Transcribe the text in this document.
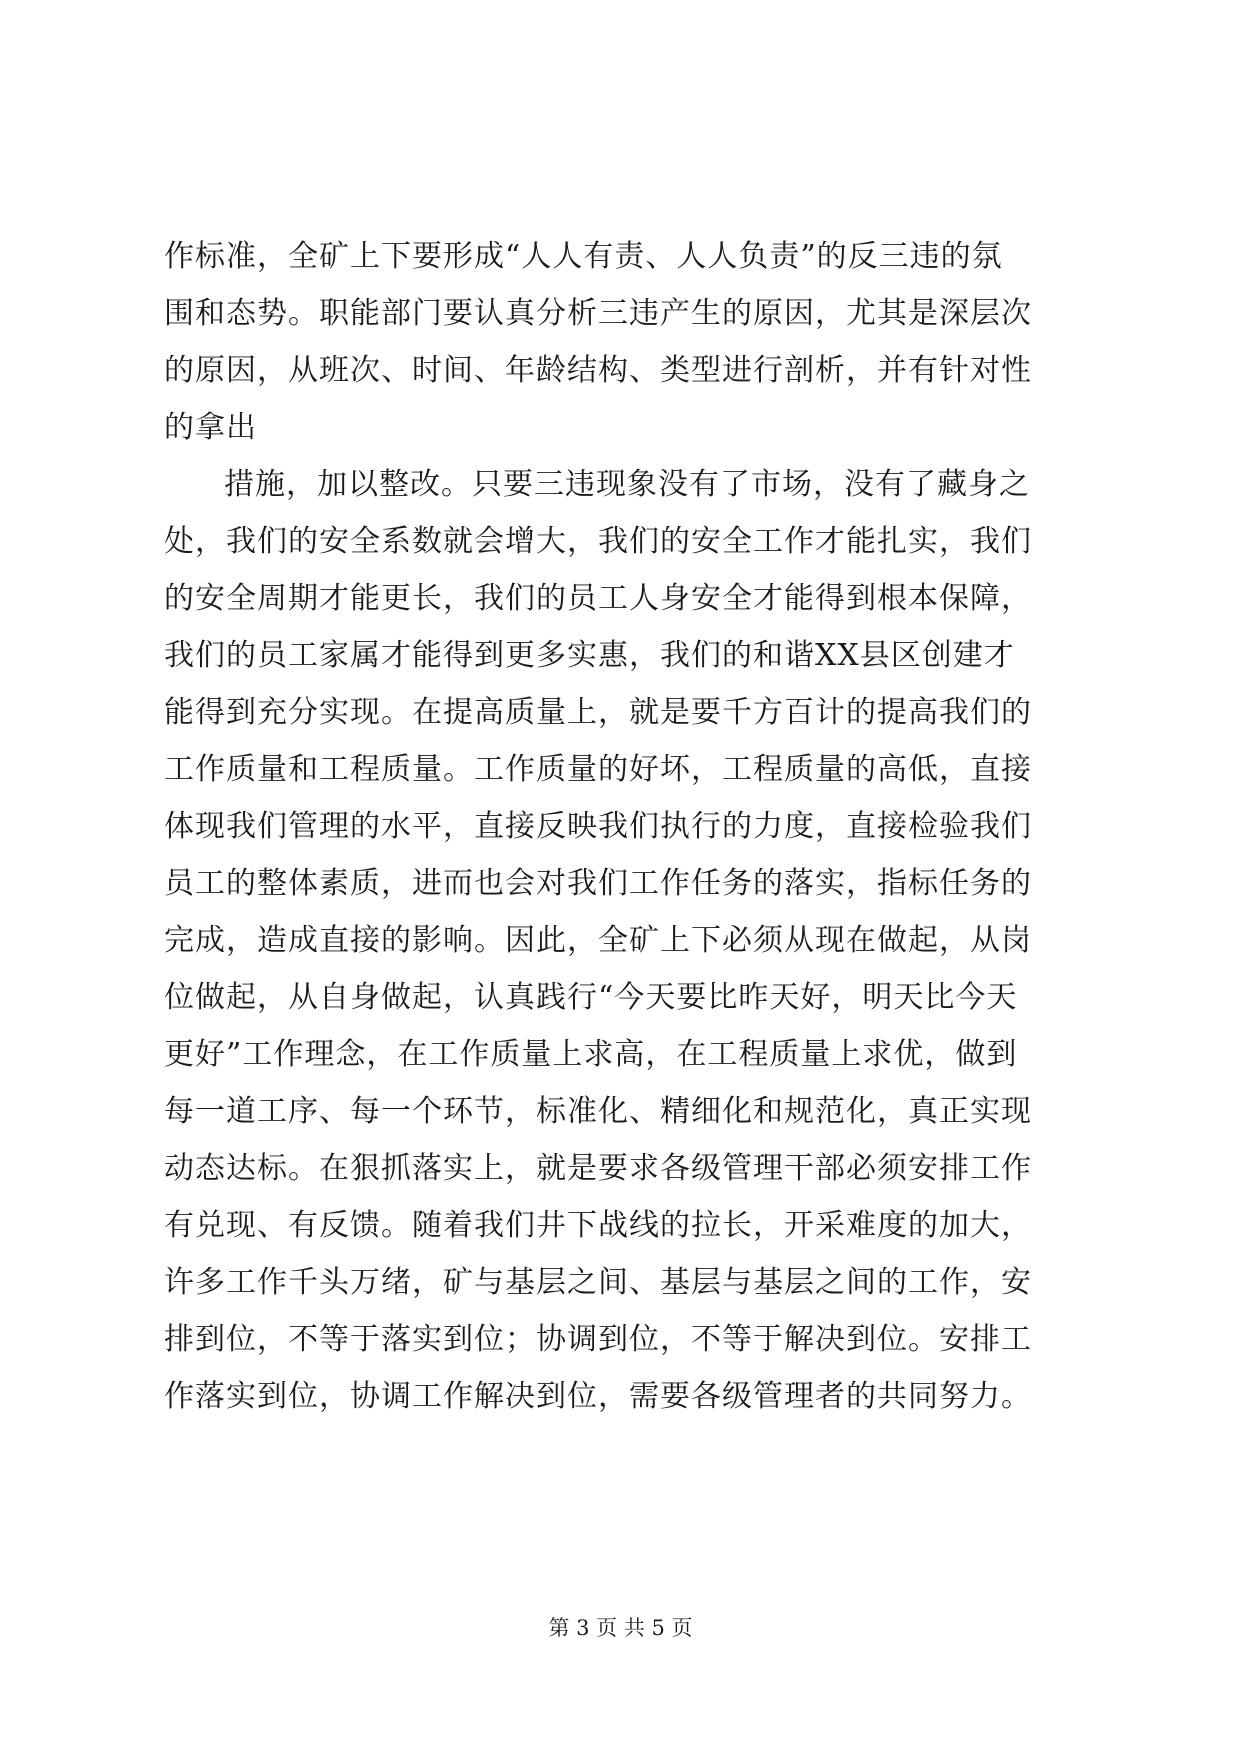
作标准，全矿上下要形成“人人有责、人人负责”的反三违的氛
围和态势。职能部门要认真分析三违产生的原因，尤其是深层次
的原因，从班次、时间、年龄结构、类型进行剖析，并有针对性
的拿出
措施，加以整改。只要三违现象没有了市场，没有了藏身之
处，我们的安全系数就会增大，我们的安全工作才能扎实，我们
的安全周期才能更长，我们的员工人身安全才能得到根本保障，
我们的员工家属才能得到更多实惠，我们的和谐XX县区创建才
能得到充分实现。在提高质量上，就是要千方百计的提高我们的
工作质量和工程质量。工作质量的好坏，工程质量的高低，直接
体现我们管理的水平，直接反映我们执行的力度，直接检验我们
员工的整体素质，进而也会对我们工作任务的落实，指标任务的
完成，造成直接的影响。因此，全矿上下必须从现在做起，从岗
位做起，从自身做起，认真践行“今天要比昨天好，明天比今天
更好”工作理念，在工作质量上求高，在工程质量上求优，做到
每一道工序、每一个环节，标准化、精细化和规范化，真正实现
动态达标。在狠抓落实上，就是要求各级管理干部必须安排工作
有兑现、有反馈。随着我们井下战线的拉长，开采难度的加大，
许多工作千头万绪，矿与基层之间、基层与基层之间的工作，安
排到位，不等于落实到位；协调到位，不等于解决到位。安排工
作落实到位，协调工作解决到位，需要各级管理者的共同努力。
第 3 页 共 5 页
